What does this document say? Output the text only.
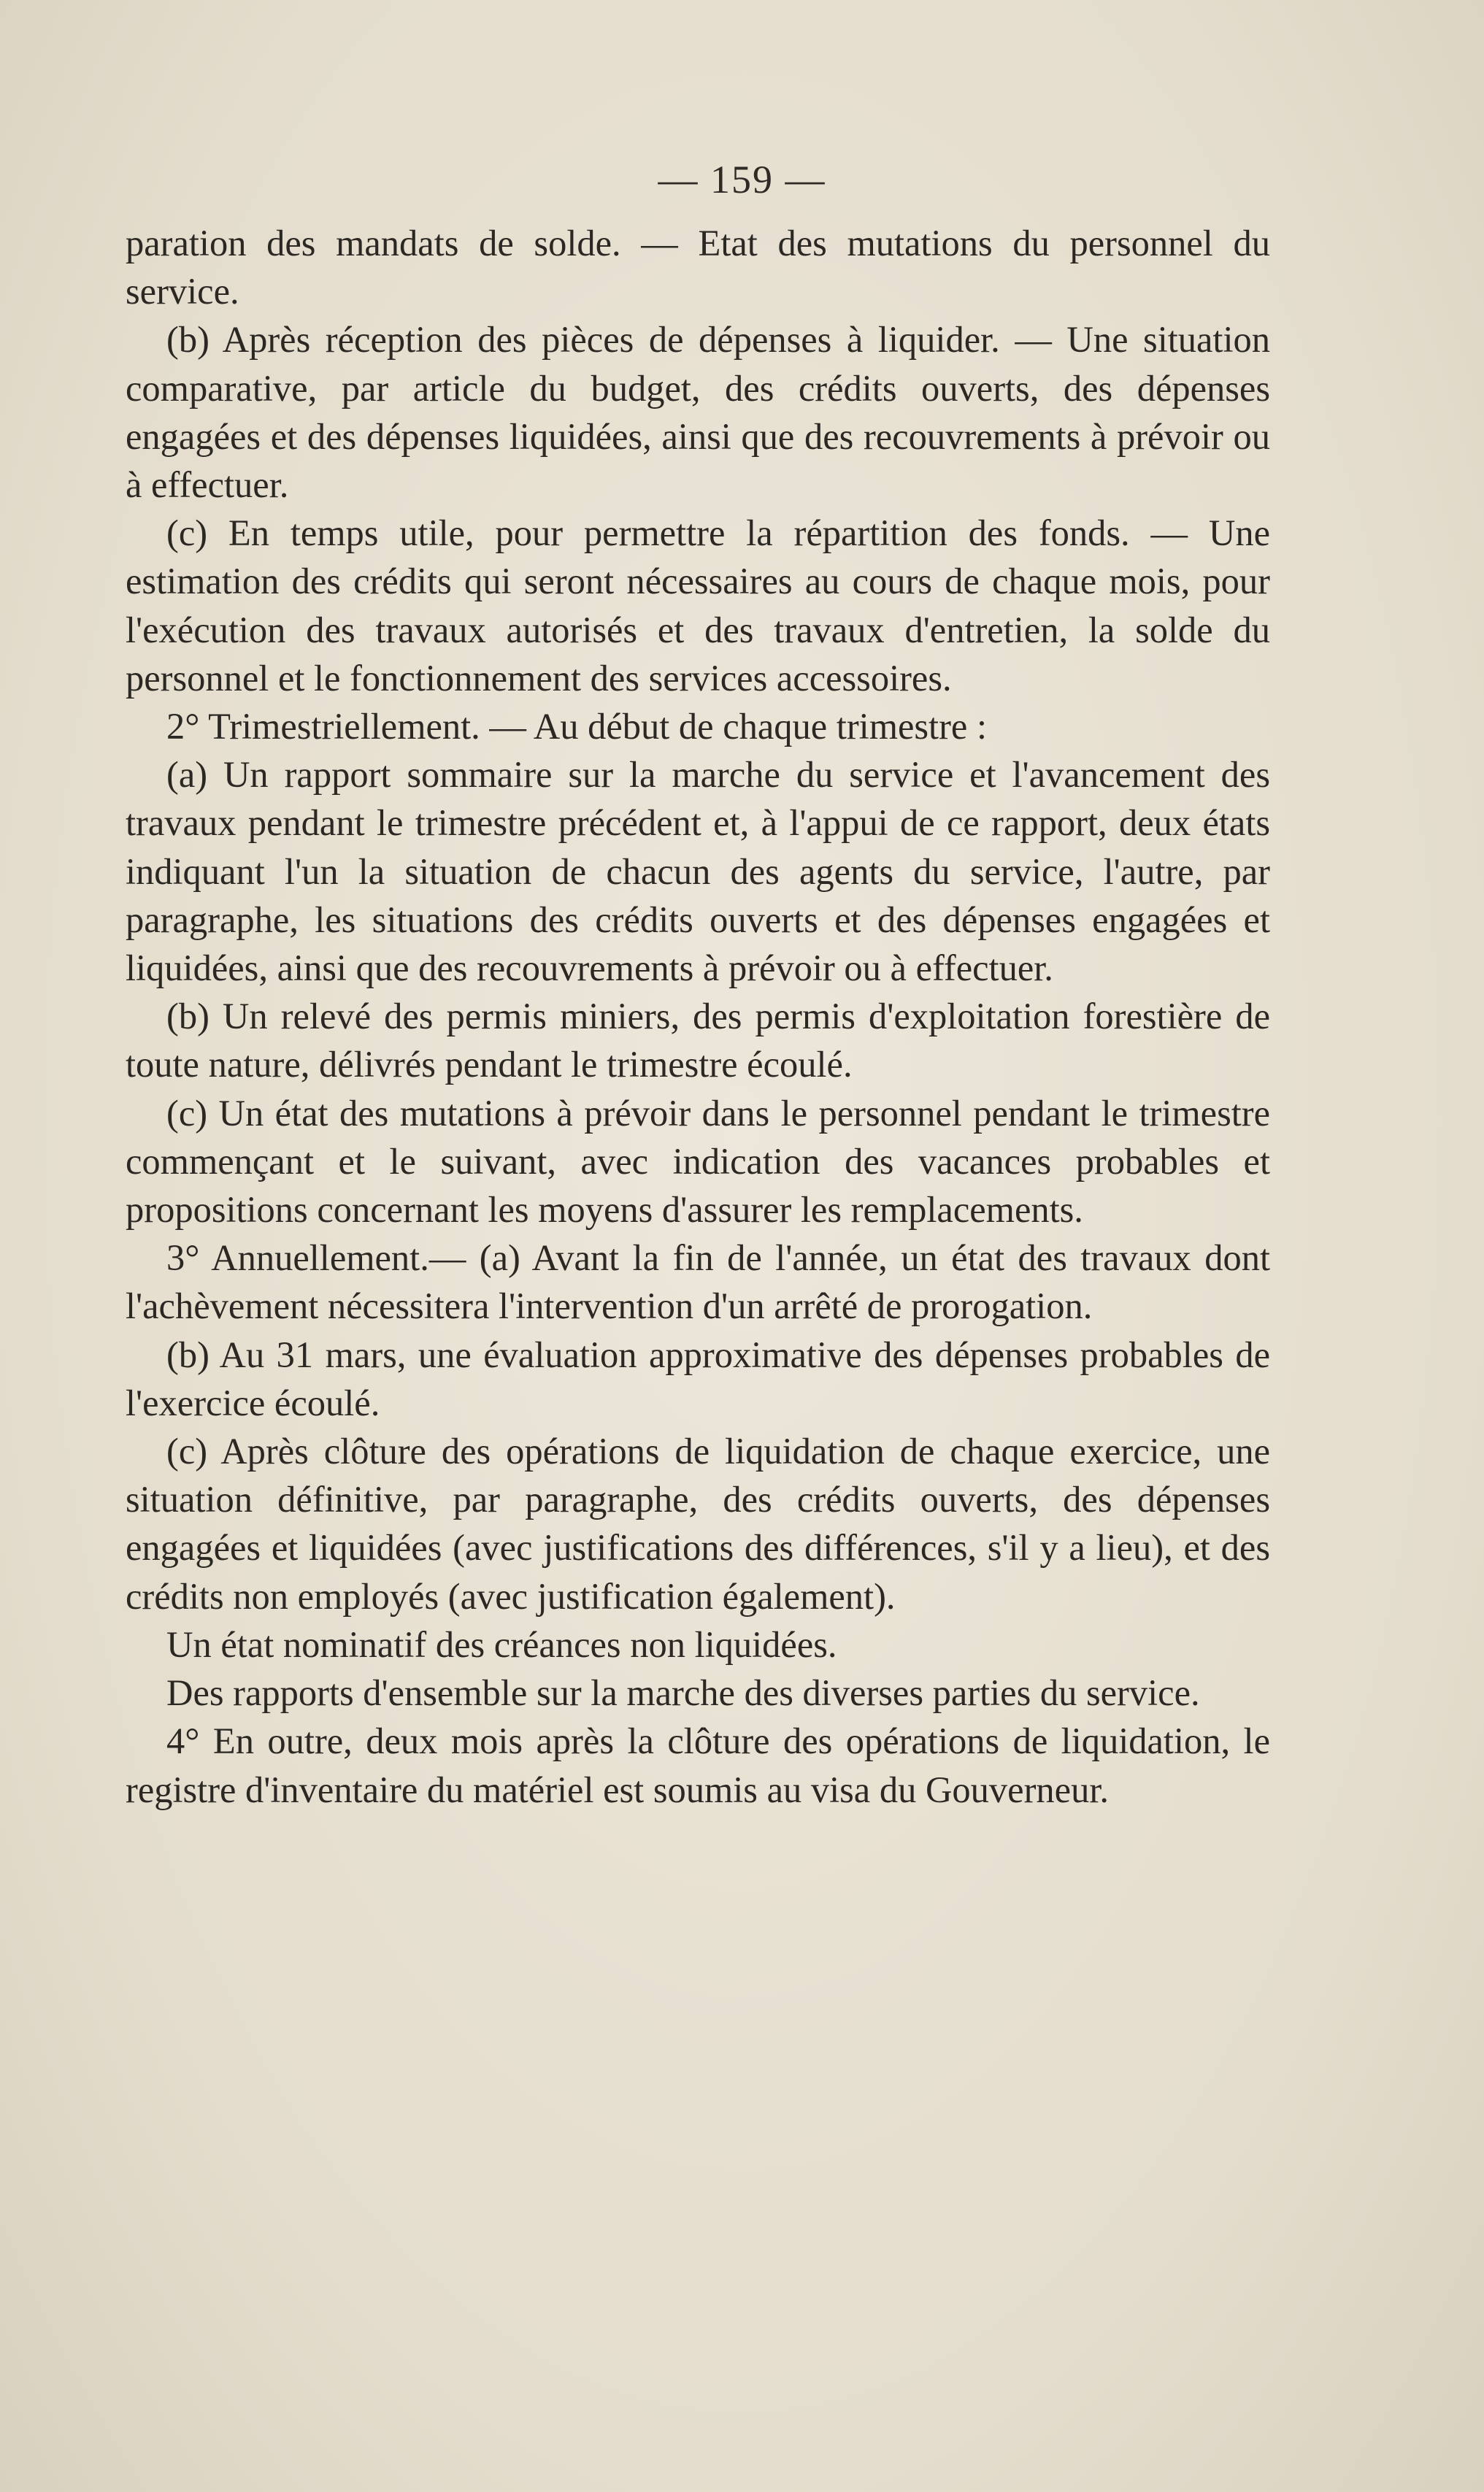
— 159 —

paration des mandats de solde. — Etat des mutations du personnel du service.

(b) Après réception des pièces de dépenses à liquider. — Une situation comparative, par article du budget, des crédits ouverts, des dépenses engagées et des dépenses liquidées, ainsi que des recouvrements à prévoir ou à effectuer.

(c) En temps utile, pour permettre la répartition des fonds. — Une estimation des crédits qui seront nécessaires au cours de chaque mois, pour l'exécution des travaux autorisés et des travaux d'entretien, la solde du personnel et le fonctionnement des services accessoires.

2° Trimestriellement. — Au début de chaque trimestre :

(a) Un rapport sommaire sur la marche du service et l'avancement des travaux pendant le trimestre précédent et, à l'appui de ce rapport, deux états indiquant l'un la situation de chacun des agents du service, l'autre, par paragraphe, les situations des crédits ouverts et des dépenses engagées et liquidées, ainsi que des recouvrements à prévoir ou à effectuer.

(b) Un relevé des permis miniers, des permis d'exploitation forestière de toute nature, délivrés pendant le trimestre écoulé.

(c) Un état des mutations à prévoir dans le personnel pendant le trimestre commençant et le suivant, avec indication des vacances probables et propositions concernant les moyens d'assurer les remplacements.

3° Annuellement.— (a) Avant la fin de l'année, un état des travaux dont l'achèvement nécessitera l'intervention d'un arrêté de prorogation.

(b) Au 31 mars, une évaluation approximative des dépenses probables de l'exercice écoulé.

(c) Après clôture des opérations de liquidation de chaque exercice, une situation définitive, par paragraphe, des crédits ouverts, des dépenses engagées et liquidées (avec justifications des différences, s'il y a lieu), et des crédits non employés (avec justification également).

Un état nominatif des créances non liquidées.

Des rapports d'ensemble sur la marche des diverses parties du service.

4° En outre, deux mois après la clôture des opérations de liquidation, le registre d'inventaire du matériel est soumis au visa du Gouverneur.
